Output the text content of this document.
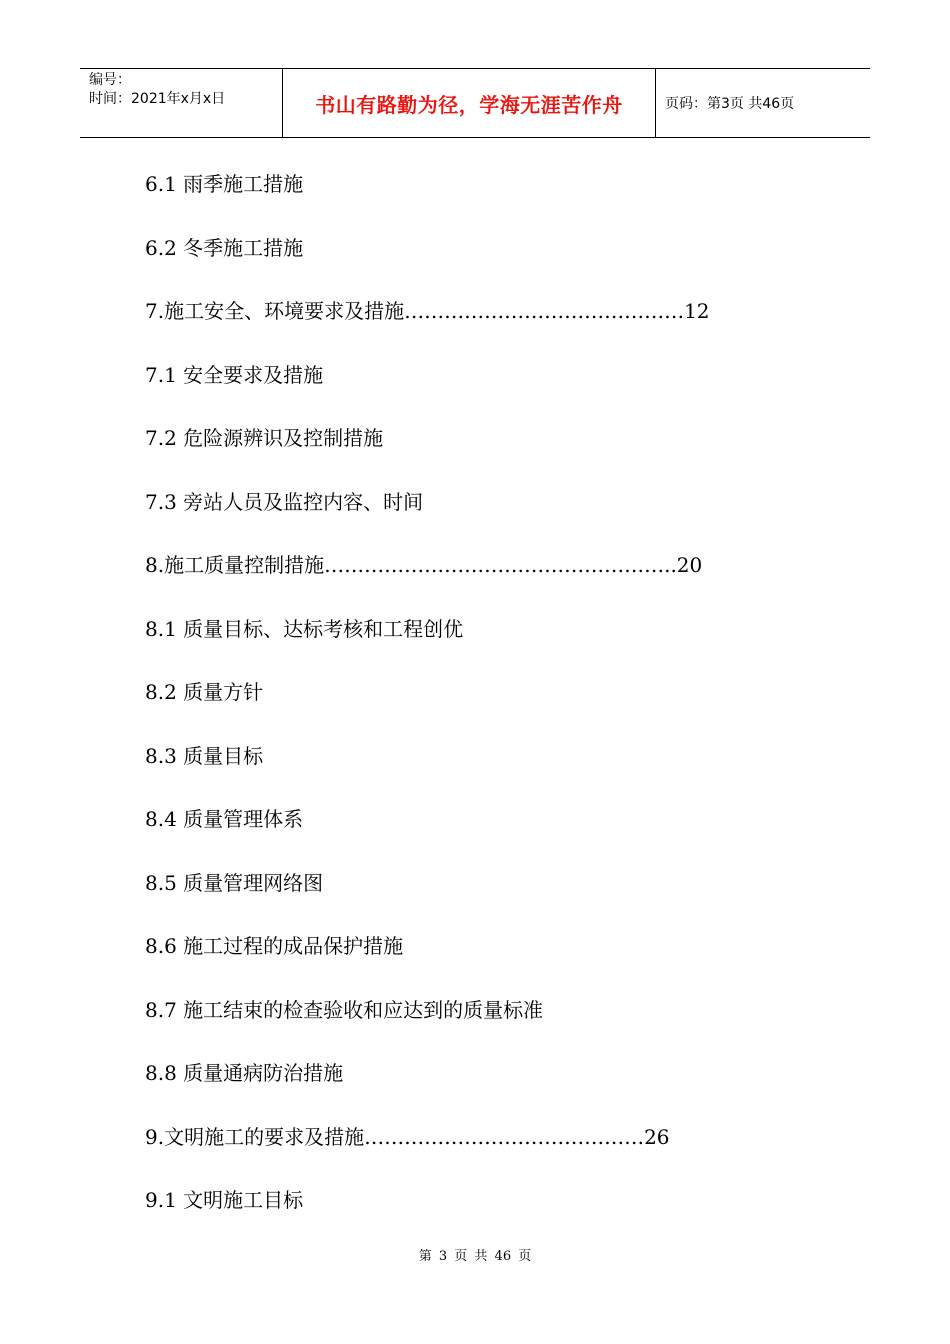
编号：
时间：2021年x月x日	书山有路勤为径，学海无涯苦作舟	页码：第3页 共46页
6.1 雨季施工措施
6.2 冬季施工措施
7.施工安全、环境要求及措施……………………………………12
7.1 安全要求及措施
7.2 危险源辨识及控制措施
7.3 旁站人员及监控内容、时间
8.施工质量控制措施……………………………………………..20
8.1 质量目标、达标考核和工程创优
8.2 质量方针
8.3 质量目标
8.4 质量管理体系
8.5 质量管理网络图
8.6 施工过程的成品保护措施
8.7 施工结束的检查验收和应达到的质量标准
8.8 质量通病防治措施
9.文明施工的要求及措施……………………………………26
9.1 文明施工目标
第 3 页 共 46 页
